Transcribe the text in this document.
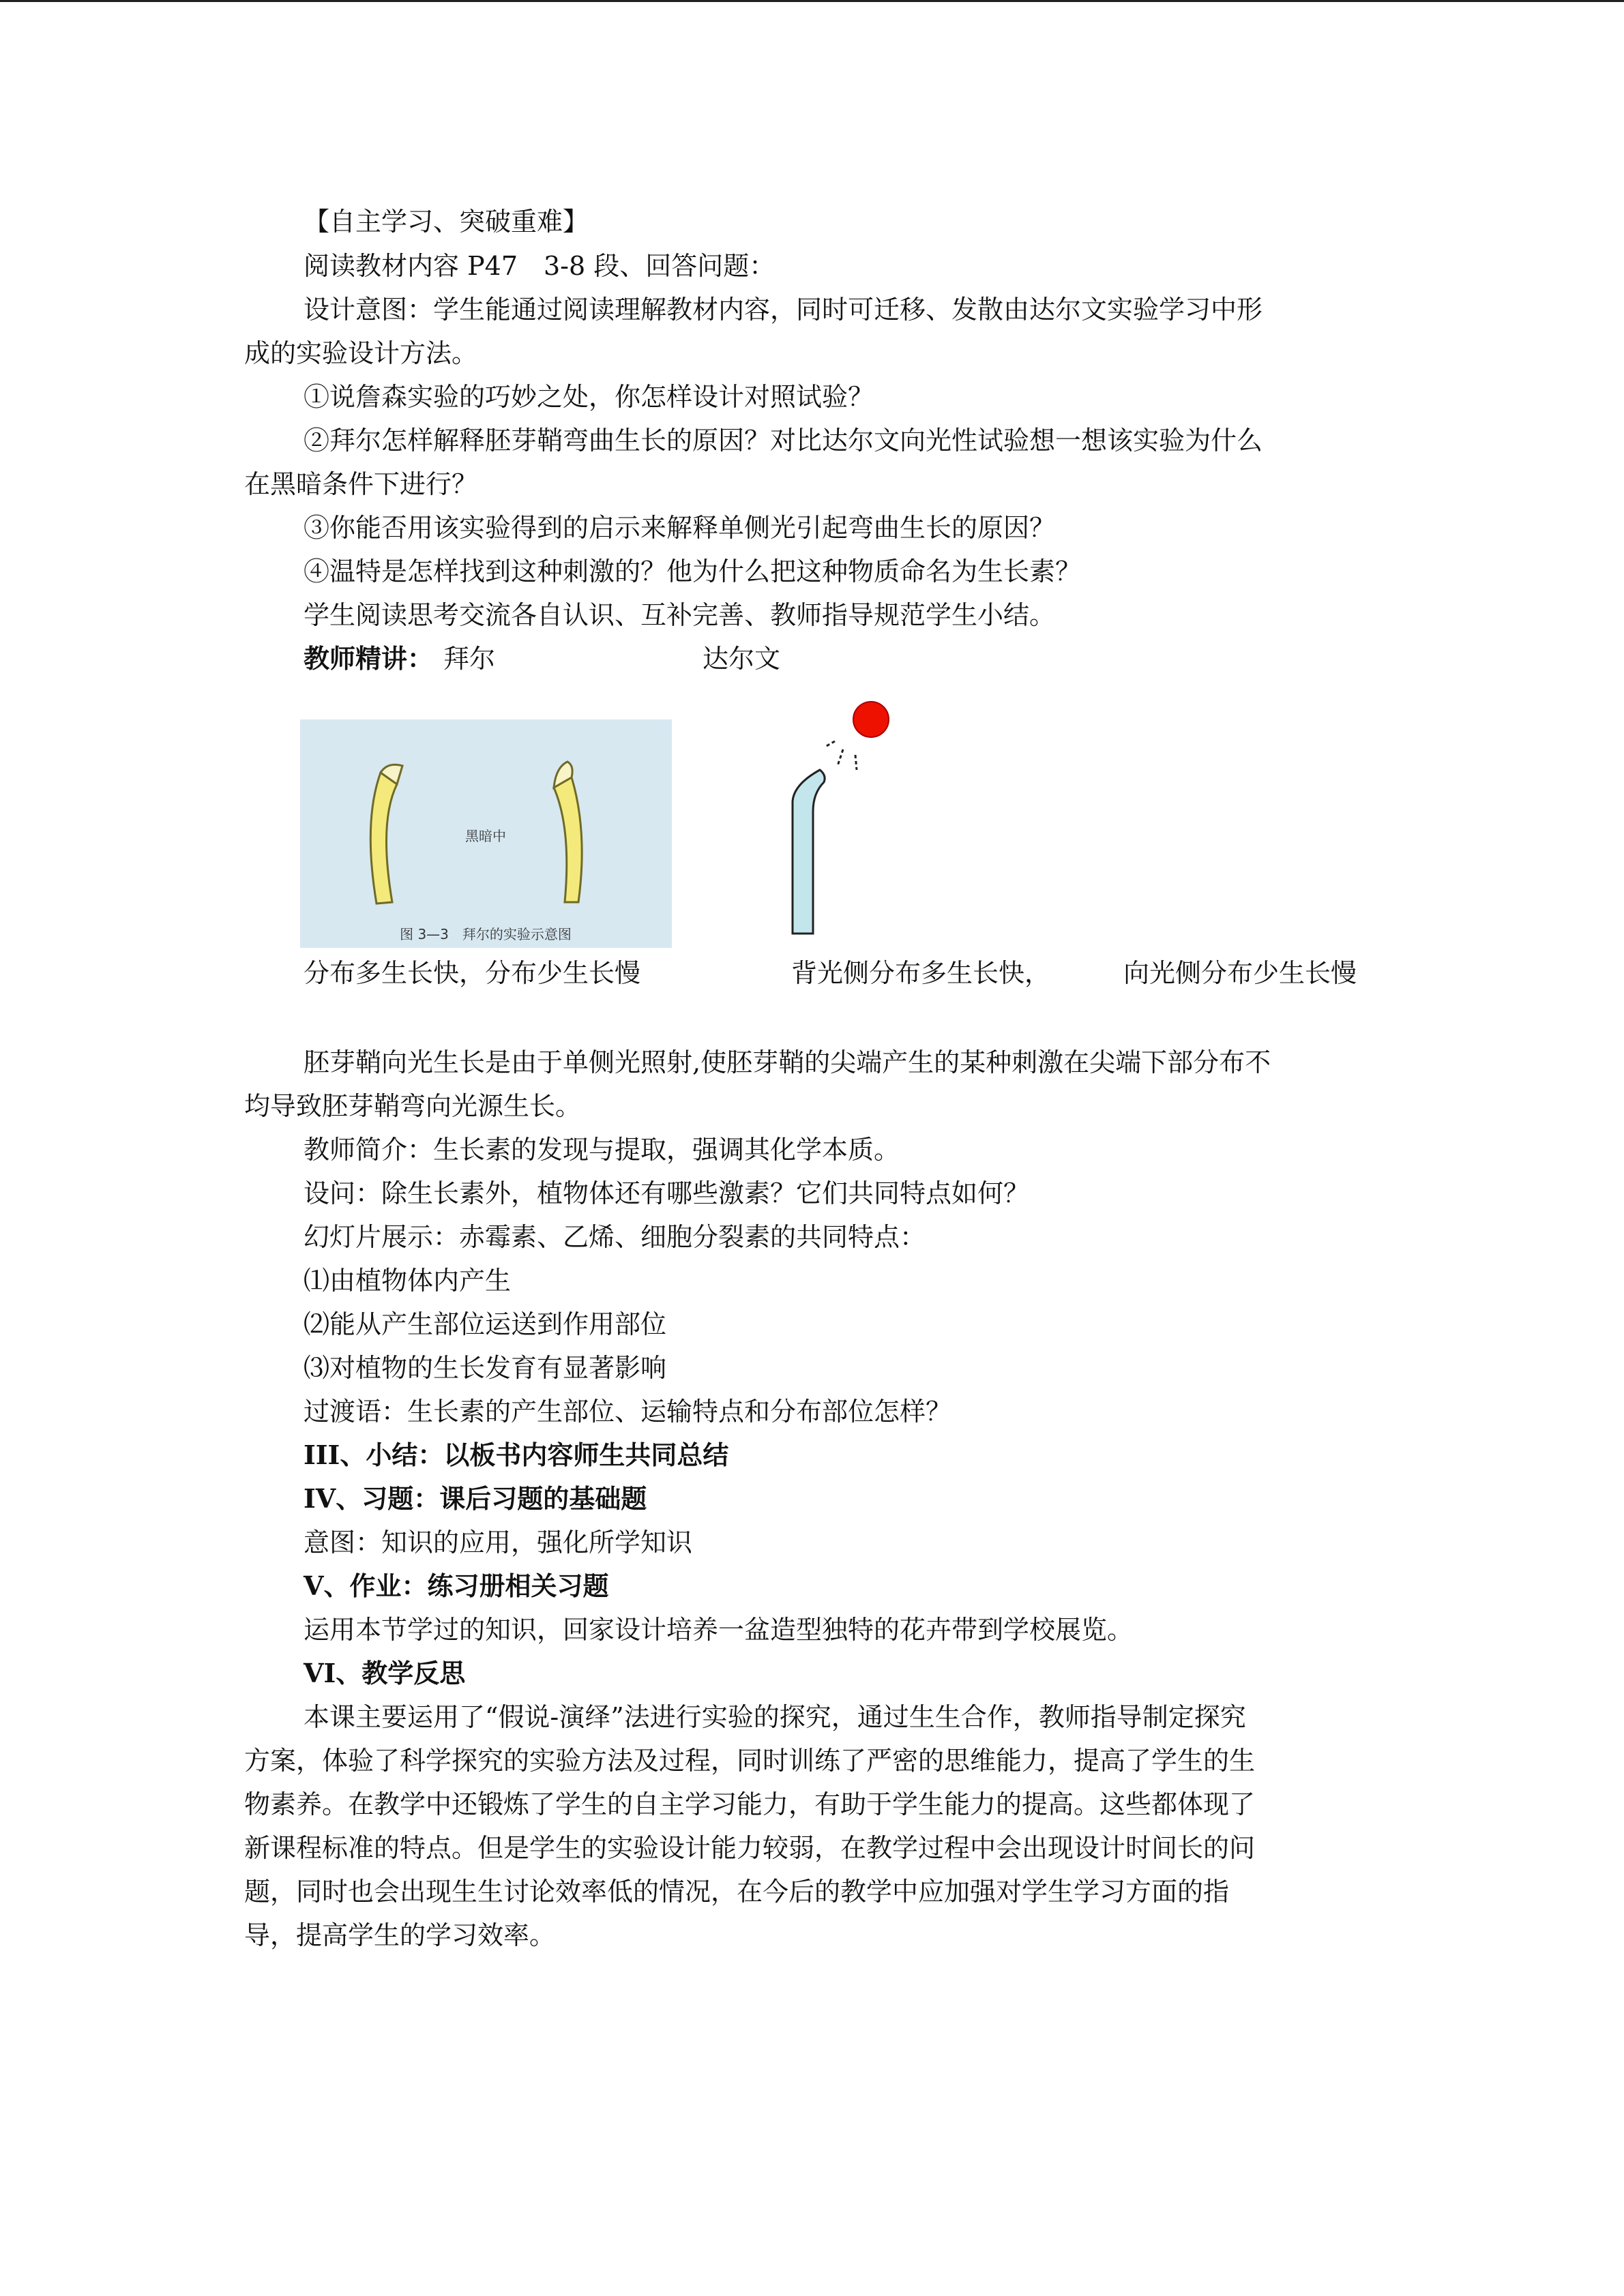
【自主学习、突破重难】

阅读教材内容 P47　3-8 段、回答问题：

设计意图：学生能通过阅读理解教材内容，同时可迁移、发散由达尔文实验学习中形

成的实验设计方法。

①说詹森实验的巧妙之处，你怎样设计对照试验？

②拜尔怎样解释胚芽鞘弯曲生长的原因？对比达尔文向光性试验想一想该实验为什么

在黑暗条件下进行？

③你能否用该实验得到的启示来解释单侧光引起弯曲生长的原因？

④温特是怎样找到这种刺激的？他为什么把这种物质命名为生长素？

学生阅读思考交流各自认识、互补完善、教师指导规范学生小结。

教师精讲： 拜尔	达尔文

黑暗中
图 3—3　拜尔的实验示意图

分布多生长快，分布少生长慢	背光侧分布多生长快，	向光侧分布少生长慢

胚芽鞘向光生长是由于单侧光照射,使胚芽鞘的尖端产生的某种刺激在尖端下部分布不

均导致胚芽鞘弯向光源生长。

教师简介：生长素的发现与提取，强调其化学本质。

设问：除生长素外，植物体还有哪些激素？它们共同特点如何？

幻灯片展示：赤霉素、乙烯、细胞分裂素的共同特点：

⑴由植物体内产生

⑵能从产生部位运送到作用部位

⑶对植物的生长发育有显著影响

过渡语：生长素的产生部位、运输特点和分布部位怎样？

III、小结：以板书内容师生共同总结

IV、习题：课后习题的基础题

意图：知识的应用，强化所学知识

V、作业：练习册相关习题

运用本节学过的知识，回家设计培养一盆造型独特的花卉带到学校展览。

VI、教学反思

本课主要运用了“假说-演绎”法进行实验的探究，通过生生合作，教师指导制定探究

方案，体验了科学探究的实验方法及过程，同时训练了严密的思维能力，提高了学生的生

物素养。在教学中还锻炼了学生的自主学习能力，有助于学生能力的提高。这些都体现了

新课程标准的特点。但是学生的实验设计能力较弱，在教学过程中会出现设计时间长的问

题，同时也会出现生生讨论效率低的情况，在今后的教学中应加强对学生学习方面的指

导，提高学生的学习效率。
